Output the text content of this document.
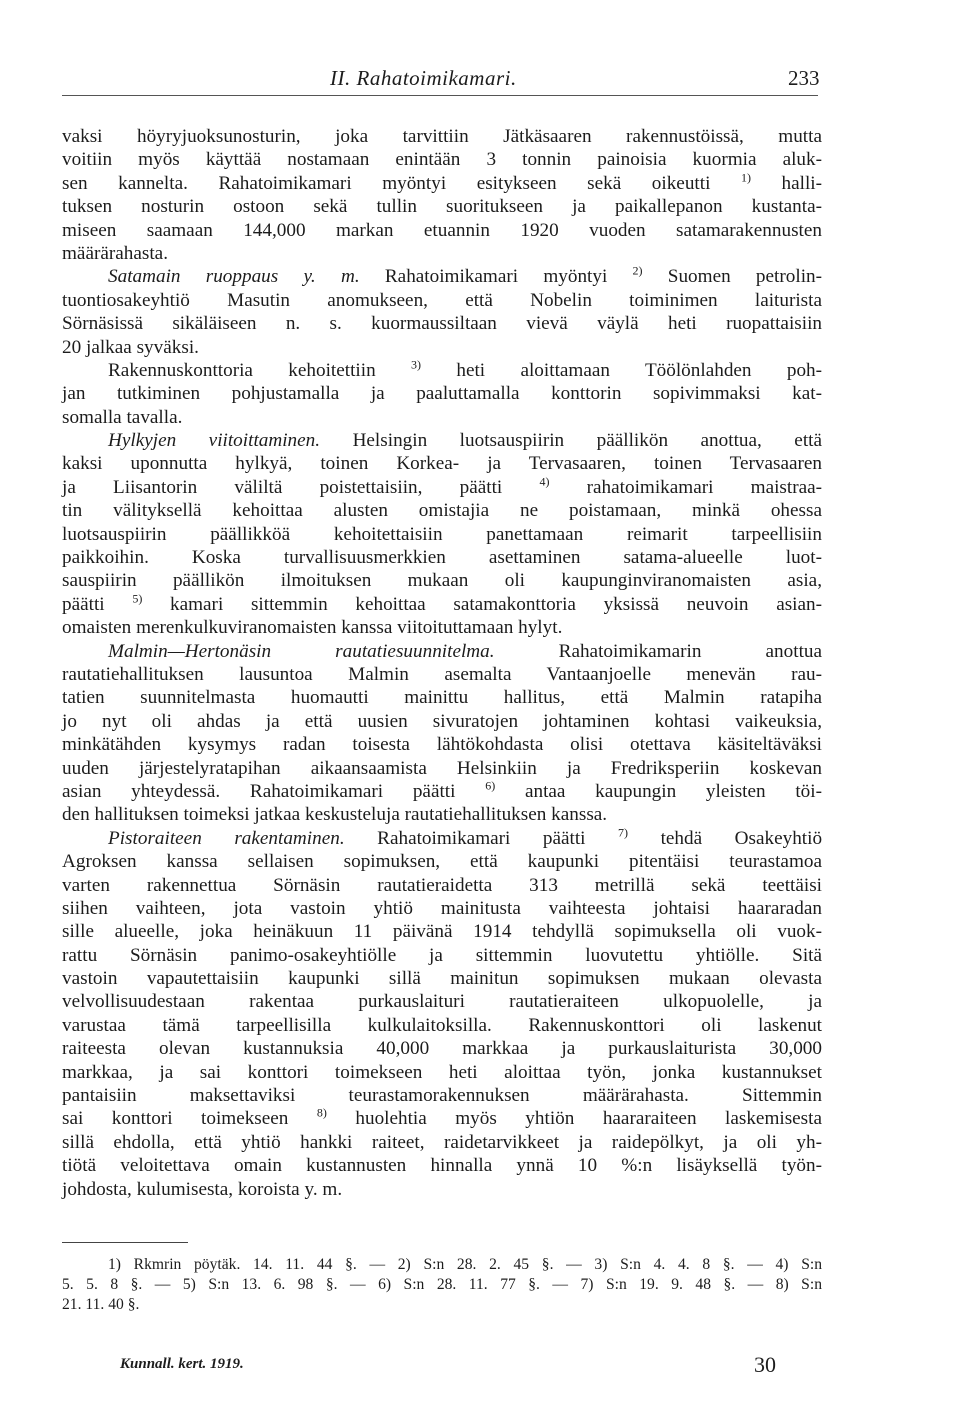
II. Rahatoimikamari.	233
vaksi höyryjuoksunosturin, joka tarvittiin Jätkäsaaren rakennustöissä, mutta
voitiin myös käyttää nostamaan enintään 3 tonnin painoisia kuormia aluk-
sen kannelta. Rahatoimikamari myöntyi esitykseen sekä oikeutti	$^{1)}$ halli-
tuksen nosturin ostoon sekä tullin suoritukseen ja paikallepanon kustanta-
miseen saamaan 144,000 markan etuannin 1920 vuoden satamarakennusten
määrärahasta.
Satamain ruoppaus y. m. Rahatoimikamari myöntyi $^{2)}$ Suomen petrolin-
tuontiosakeyhtiö Masutin anomukseen, että Nobelin toiminimen laiturista
Sörnäsissä sikäläiseen n. s. kuormaussiltaan vievä väylä heti ruopattaisiin
20 jalkaa syväksi.
Rakennuskonttoria kehoitettiin	$^{3)}$ heti aloittamaan Töölönlahden poh-
jan tutkiminen pohjustamalla ja paaluttamalla konttorin sopivimmaksi kat-
somalla tavalla.
Hylkyjen viitoittaminen. Helsingin luotsauspiirin päällikön anottua, että
kaksi uponnutta hylkyä, toinen Korkea- ja Tervasaaren, toinen Tervasaaren
ja Liisantorin väliltä poistettaisiin, päätti	$^{4)}$ rahatoimikamari maistraa-
tin välityksellä kehoittaa alusten omistajia ne poistamaan, minkä ohessa
luotsauspiirin päällikköä kehoitettaisiin panettamaan reimarit tarpeellisiin
paikkoihin. Koska turvallisuusmerkkien asettaminen satama-alueelle luot-
sauspiirin päällikön ilmoituksen mukaan oli kaupunginviranomaisten asia,
päätti $^{5)}$ kamari sittemmin kehoittaa satamakonttoria yksissä neuvoin asian-
omaisten merenkulkuviranomaisten kanssa viitoituttamaan hylyt.
Malmin—Hertonäsin rautatiesuunnitelma.	Rahatoimikamarin anottua
rautatiehallituksen lausuntoa Malmin asemalta Vantaanjoelle menevän rau-
tatien suunnitelmasta huomautti mainittu hallitus, että Malmin ratapiha
jo nyt oli ahdas ja että uusien sivuratojen johtaminen kohtasi vaikeuksia,
minkätähden kysymys radan toisesta lähtökohdasta olisi otettava käsiteltäväksi
uuden järjestelyratapihan aikaansaamista Helsinkiin ja Fredriksperiin koskevan
asian yhteydessä. Rahatoimikamari päätti $^{6)}$ antaa kaupungin yleisten töi-
den hallituksen toimeksi jatkaa keskusteluja rautatiehallituksen kanssa.
Pistoraiteen rakentaminen. Rahatoimikamari päätti	$^{7)}$ tehdä Osakeyhtiö
Agroksen kanssa sellaisen sopimuksen, että kaupunki pitentäisi teurastamoa
varten rakennettua Sörnäsin rautatieraidetta 313 metrillä sekä teettäisi
siihen vaihteen, jota vastoin yhtiö mainitusta vaihteesta johtaisi haararadan
sille alueelle, joka heinäkuun 11 päivänä 1914 tehdyllä sopimuksella oli vuok-
rattu Sörnäsin panimo-osakeyhtiölle ja sittemmin luovutettu yhtiölle. Sitä
vastoin vapautettaisiin kaupunki sillä mainitun sopimuksen mukaan olevasta
velvollisuudestaan rakentaa purkauslaituri rautatieraiteen ulkopuolelle, ja
varustaa tämä tarpeellisilla kulkulaitoksilla. Rakennuskonttori oli laskenut
raiteesta olevan kustannuksia 40,000 markkaa ja purkauslaiturista 30,000
markkaa, ja sai konttori toimekseen heti aloittaa työn, jonka kustannukset
pantaisiin maksettaviksi teurastamorakennuksen määrärahasta. Sittemmin
sai konttori toimekseen $^{8)}$ huolehtia myös yhtiön haararaiteen laskemisesta
sillä ehdolla, että yhtiö hankki raiteet, raidetarvikkeet ja raidepölkyt, ja oli yh-
tiötä veloitettava omain kustannusten hinnalla ynnä 10 %:n lisäyksellä työn-
johdosta, kulumisesta, koroista y. m.
1) Rkmrin pöytäk. 14. 11. 44 §. — 2) S:n 28. 2. 45 §. — 3) S:n 4. 4. 8 §. — 4) S:n
5. 5. 8 §. — 5) S:n 13. 6. 98 §. — 6) S:n 28. 11. 77 §. — 7) S:n 19. 9. 48 §. — 8) S:n
21. 11. 40 §.
Kunnall. kert. 1919.	30
